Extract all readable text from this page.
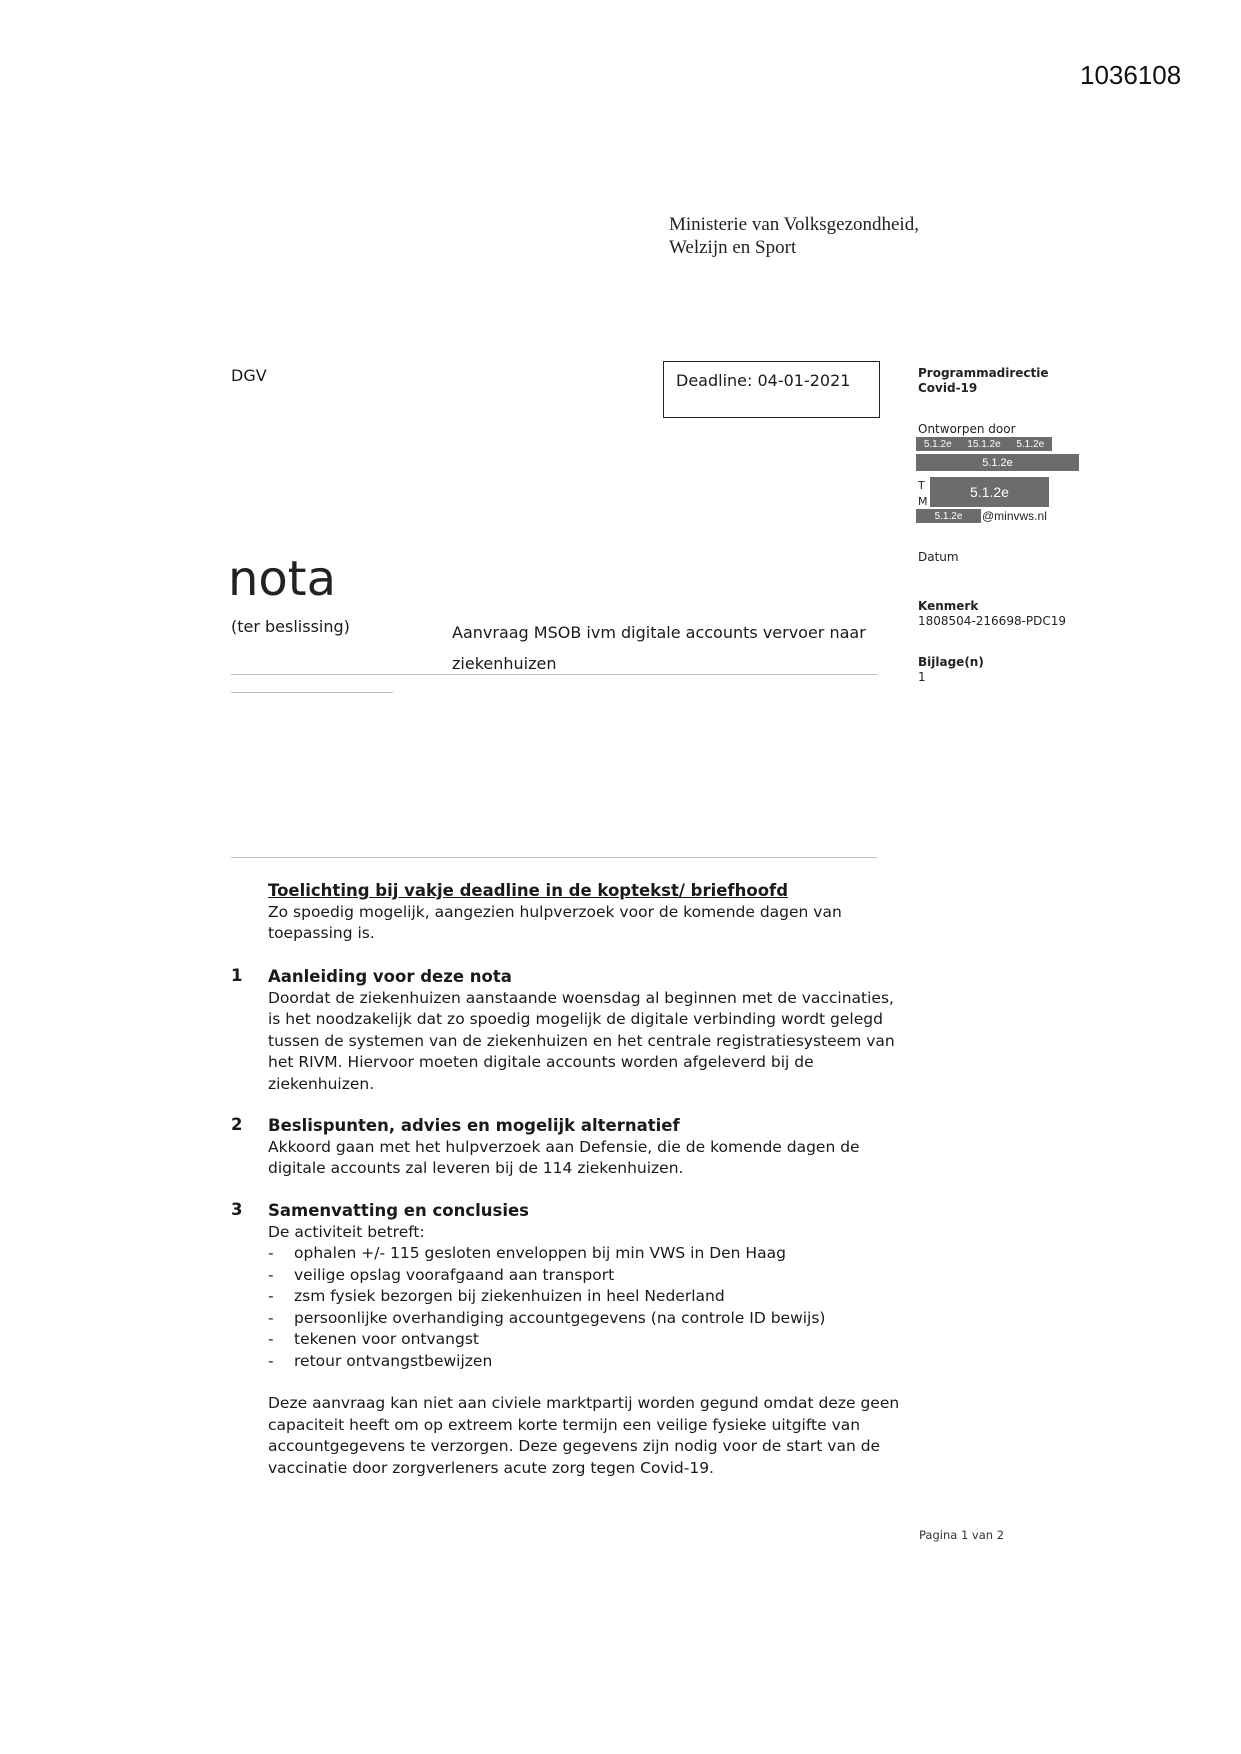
1036108
Ministerie van Volksgezondheid,
Welzijn en Sport
DGV	Deadline: 04-01-2021	Programmadirectie
Covid-19
Ontworpen door
5.1.2e 15.1.2e 5.1.2e
5.1.2e
T
M
5.1.2e
5.1.2e @minvws.nl
Datum
Kenmerk
1808504-216698-PDC19
Bijlage(n)
1
nota
(ter beslissing)	Aanvraag MSOB ivm digitale accounts vervoer naar ziekenhuizen
Toelichting bij vakje deadline in de koptekst/ briefhoofd
Zo spoedig mogelijk, aangezien hulpverzoek voor de komende dagen van toepassing is.
1 Aanleiding voor deze nota
Doordat de ziekenhuizen aanstaande woensdag al beginnen met de vaccinaties, is het noodzakelijk dat zo spoedig mogelijk de digitale verbinding wordt gelegd tussen de systemen van de ziekenhuizen en het centrale registratiesysteem van het RIVM. Hiervoor moeten digitale accounts worden afgeleverd bij de ziekenhuizen.
2 Beslispunten, advies en mogelijk alternatief
Akkoord gaan met het hulpverzoek aan Defensie, die de komende dagen de digitale accounts zal leveren bij de 114 ziekenhuizen.
3 Samenvatting en conclusies
De activiteit betreft:
- ophalen +/- 115 gesloten enveloppen bij min VWS in Den Haag
- veilige opslag voorafgaand aan transport
- zsm fysiek bezorgen bij ziekenhuizen in heel Nederland
- persoonlijke overhandiging accountgegevens (na controle ID bewijs)
- tekenen voor ontvangst
- retour ontvangstbewijzen
Deze aanvraag kan niet aan civiele marktpartij worden gegund omdat deze geen capaciteit heeft om op extreem korte termijn een veilige fysieke uitgifte van accountgegevens te verzorgen. Deze gegevens zijn nodig voor de start van de vaccinatie door zorgverleners acute zorg tegen Covid-19.
Pagina 1 van 2
